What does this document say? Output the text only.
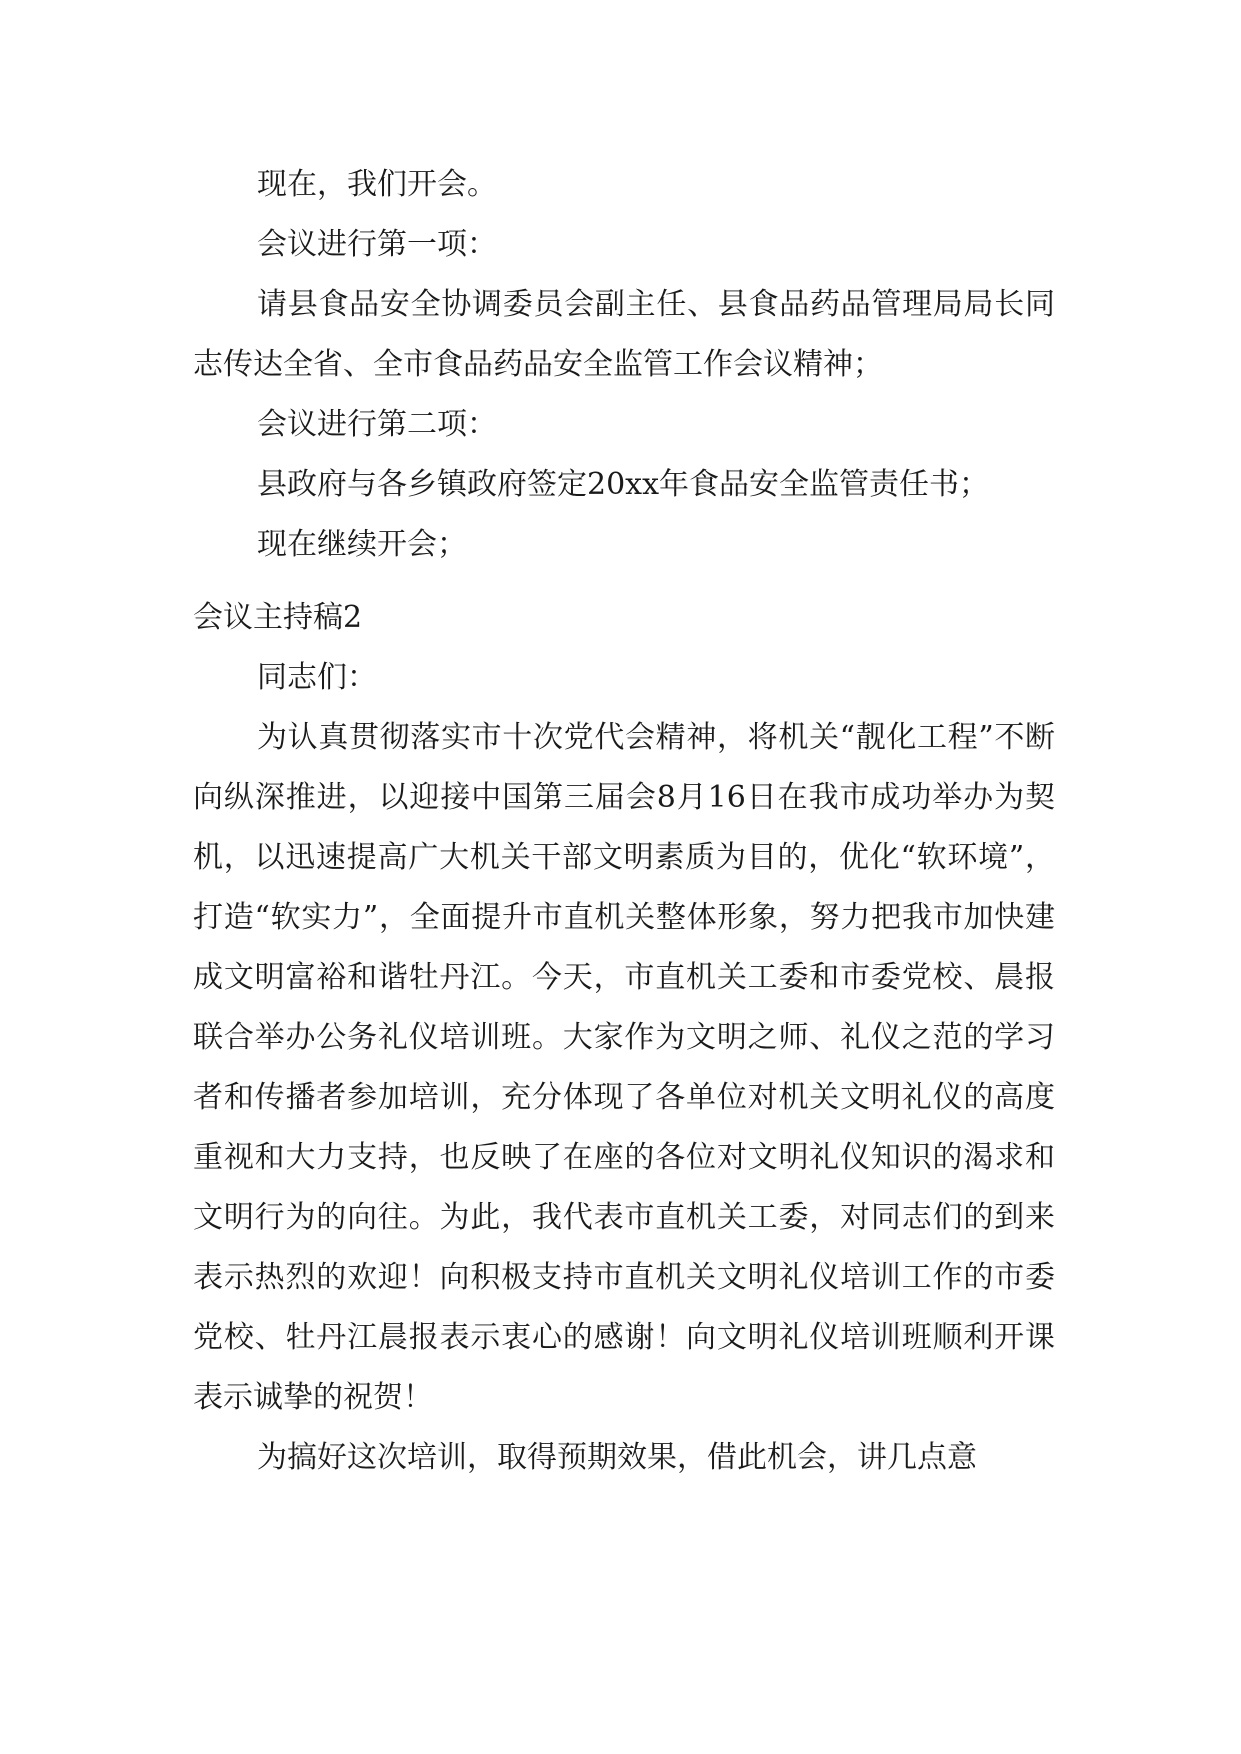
现在，我们开会。

会议进行第一项：

请县食品安全协调委员会副主任、县食品药品管理局局长同志传达全省、全市食品药品安全监管工作会议精神；

会议进行第二项：

县政府与各乡镇政府签定20xx年食品安全监管责任书；

现在继续开会；

会议主持稿2

同志们：

为认真贯彻落实市十次党代会精神，将机关“靓化工程”不断向纵深推进，以迎接中国第三届会8月16日在我市成功举办为契机，以迅速提高广大机关干部文明素质为目的，优化“软环境”，打造“软实力”，全面提升市直机关整体形象，努力把我市加快建成文明富裕和谐牡丹江。今天，市直机关工委和市委党校、晨报联合举办公务礼仪培训班。大家作为文明之师、礼仪之范的学习者和传播者参加培训，充分体现了各单位对机关文明礼仪的高度重视和大力支持，也反映了在座的各位对文明礼仪知识的渴求和文明行为的向往。为此，我代表市直机关工委，对同志们的到来表示热烈的欢迎！向积极支持市直机关文明礼仪培训工作的市委党校、牡丹江晨报表示衷心的感谢！向文明礼仪培训班顺利开课表示诚挚的祝贺！

为搞好这次培训，取得预期效果，借此机会，讲几点意
